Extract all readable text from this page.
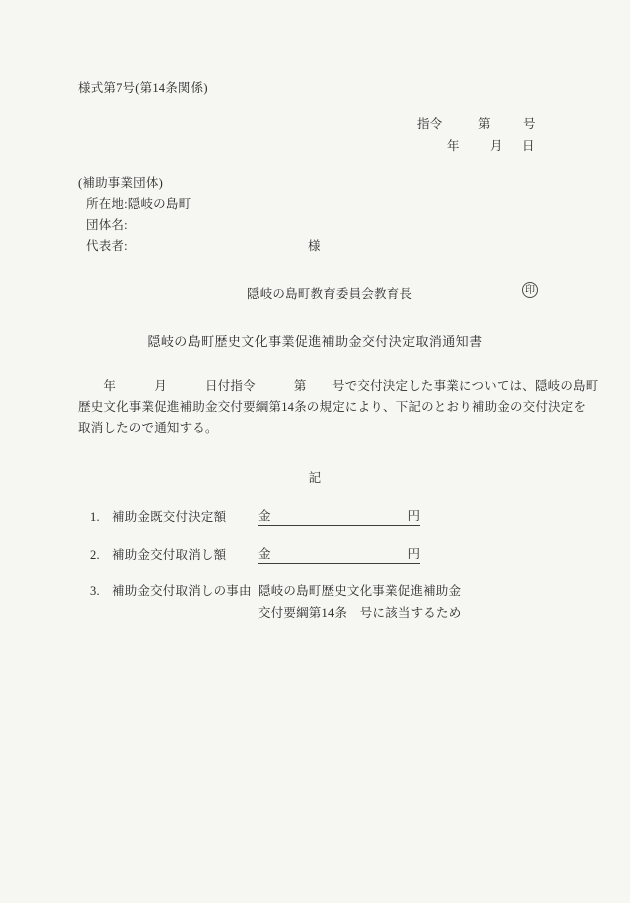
様式第7号(第14条関係)
指令	第	号
年 月 日
(補助事業団体)
所在地:隠岐の島町
団体名:
代表者:	様
隠岐の島町教育委員会教育長	印
隠岐の島町歴史文化事業促進補助金交付決定取消通知書
　　年　　　月　　　日付指令　　　第　　号で交付決定した事業については、隠岐の島町
歴史文化事業促進補助金交付要綱第14条の規定により、下記のとおり補助金の交付決定を
取消したので通知する。
記
1. 補助金既交付決定額	金	円
2. 補助金交付取消し額	金	円
3. 補助金交付取消しの事由 隠岐の島町歴史文化事業促進補助金
交付要綱第14条　号に該当するため
